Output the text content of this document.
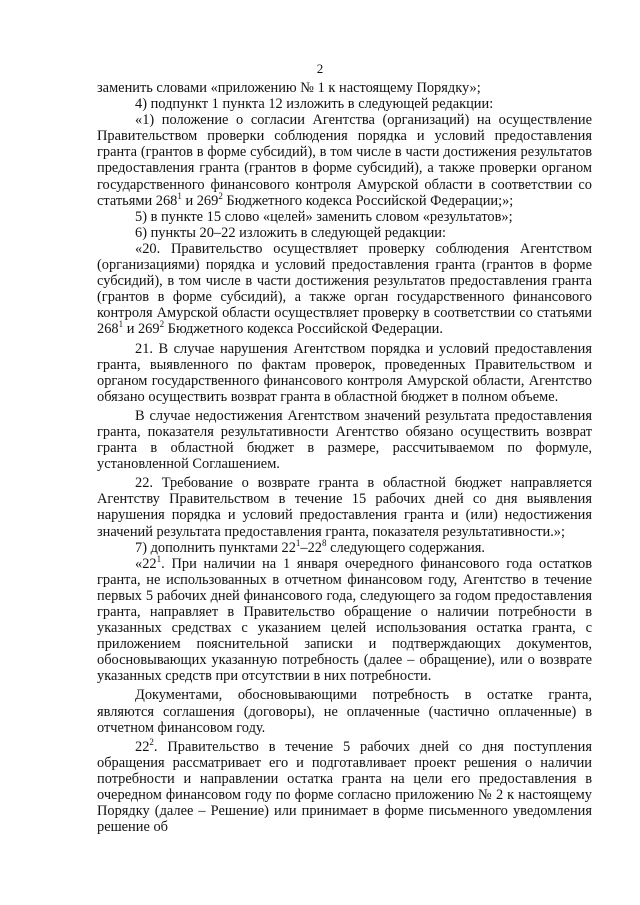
2

заменить словами «приложению № 1 к настоящему Порядку»;

4) подпункт 1 пункта 12 изложить в следующей редакции:

«1) положение о согласии Агентства (организаций) на осуществление Правительством проверки соблюдения порядка и условий предоставления гранта (грантов в форме субсидий), в том числе в части достижения результатов предоставления гранта (грантов в форме субсидий), а также проверки органом государственного финансового контроля Амурской области в соответствии со статьями $268^1$ и $269^2$ Бюджетного кодекса Российской Федерации;»;

5) в пункте 15 слово «целей» заменить словом «результатов»;

6) пункты 20–22 изложить в следующей редакции:

«20. Правительство осуществляет проверку соблюдения Агентством (организациями) порядка и условий предоставления гранта (грантов в форме субсидий), в том числе в части достижения результатов предоставления гранта (грантов в форме субсидий), а также орган государственного финансового контроля Амурской области осуществляет проверку в соответствии со статьями $268^1$ и $269^2$ Бюджетного кодекса Российской Федерации.

21. В случае нарушения Агентством порядка и условий предоставления гранта, выявленного по фактам проверок, проведенных Правительством и органом государственного финансового контроля Амурской области, Агентство обязано осуществить возврат гранта в областной бюджет в полном объеме.

В случае недостижения Агентством значений результата предоставления гранта, показателя результативности Агентство обязано осуществить возврат гранта в областной бюджет в размере, рассчитываемом по формуле, установленной Соглашением.

22. Требование о возврате гранта в областной бюджет направляется Агентству Правительством в течение 15 рабочих дней со дня выявления нарушения порядка и условий предоставления гранта и (или) недостижения значений результата предоставления гранта, показателя результативности.»;

7) дополнить пунктами $22^1-22^8$ следующего содержания.

«$22^1$. При наличии на 1 января очередного финансового года остатков гранта, не использованных в отчетном финансовом году, Агентство в течение первых 5 рабочих дней финансового года, следующего за годом предоставления гранта, направляет в Правительство обращение о наличии потребности в указанных средствах с указанием целей использования остатка гранта, с приложением пояснительной записки и подтверждающих документов, обосновывающих указанную потребность (далее – обращение), или о возврате указанных средств при отсутствии в них потребности.

Документами, обосновывающими потребность в остатке гранта, являются соглашения (договоры), не оплаченные (частично оплаченные) в отчетном финансовом году.

$22^2$. Правительство в течение 5 рабочих дней со дня поступления обращения рассматривает его и подготавливает проект решения о наличии потребности и направлении остатка гранта на цели его предоставления в очередном финансовом году по форме согласно приложению № 2 к настоящему Порядку (далее – Решение) или принимает в форме письменного уведомления решение об
